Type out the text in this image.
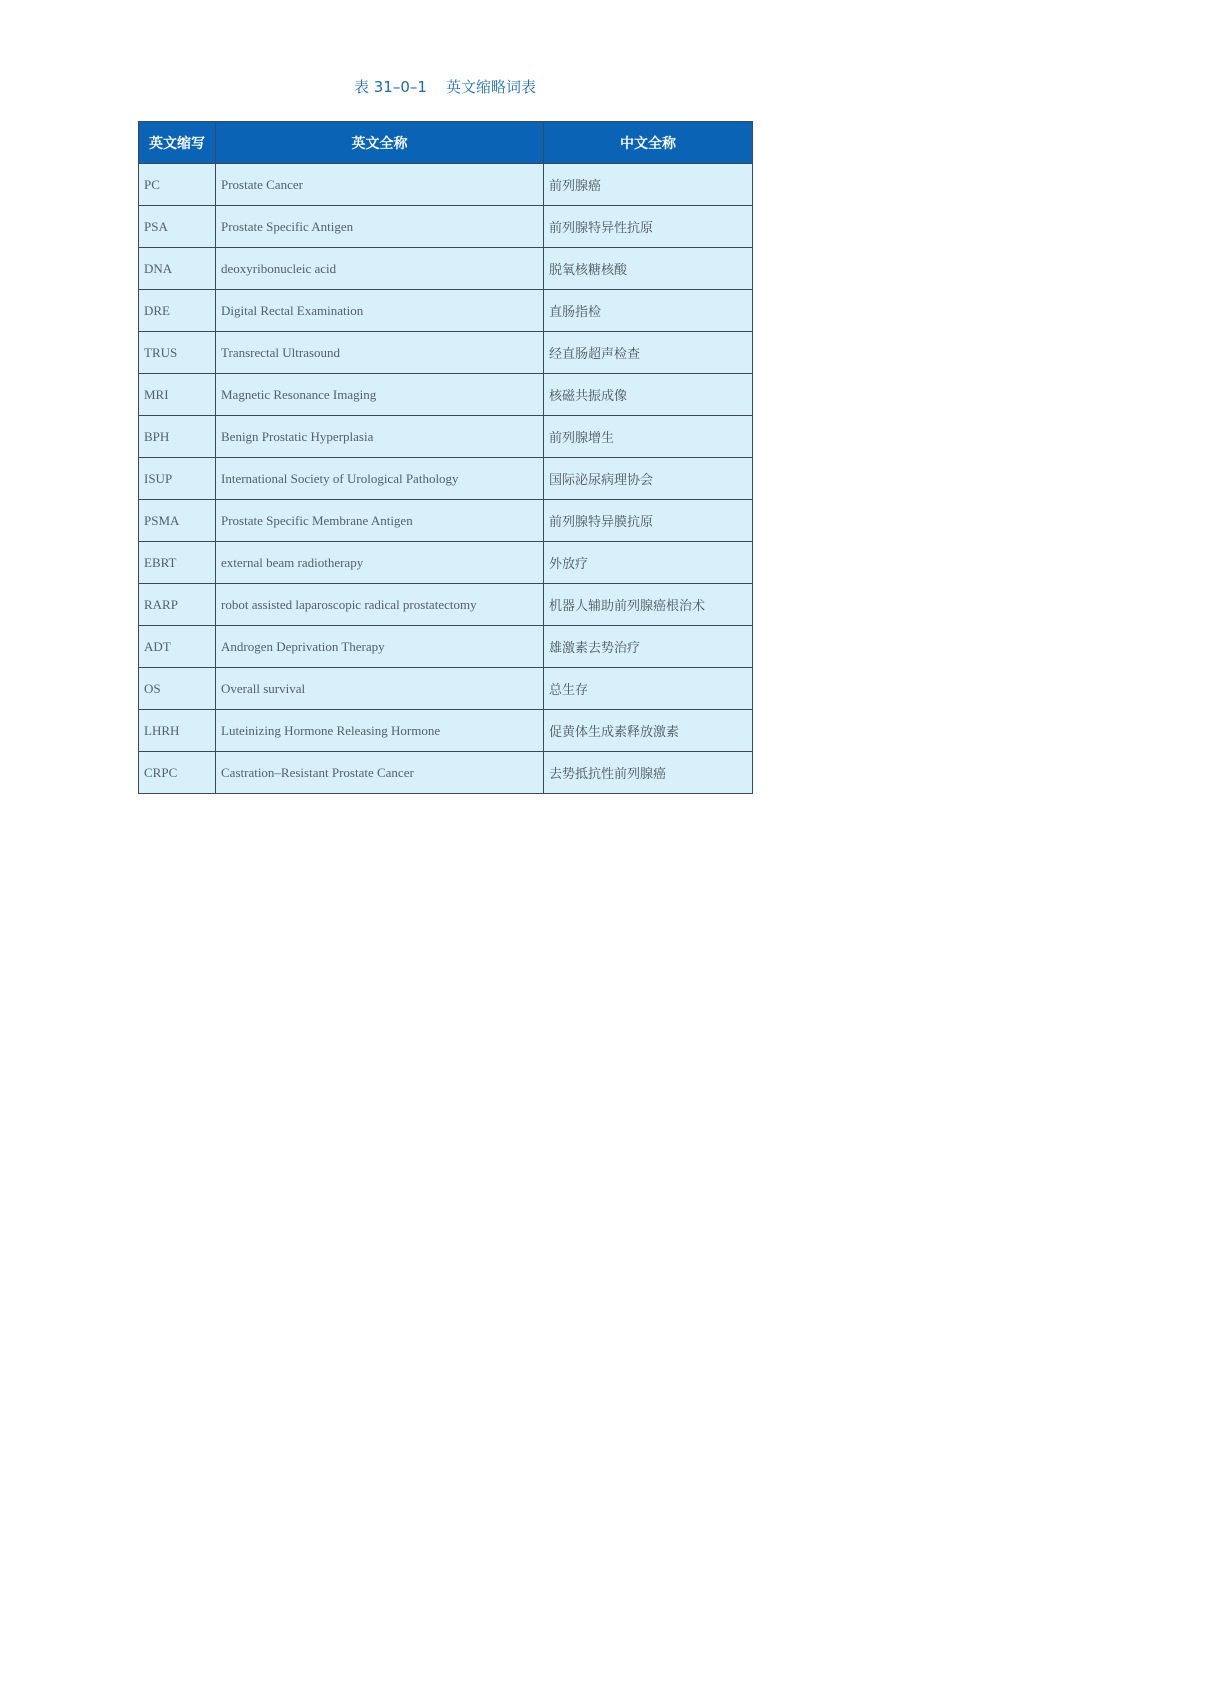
表 31–0–1    英文缩略词表
英文缩写	英文全称	中文全称
PC	Prostate Cancer	前列腺癌
PSA	Prostate Specific Antigen	前列腺特异性抗原
DNA	deoxyribonucleic acid	脱氧核糖核酸
DRE	Digital Rectal Examination	直肠指检
TRUS	Transrectal Ultrasound	经直肠超声检查
MRI	Magnetic Resonance Imaging	核磁共振成像
BPH	Benign Prostatic Hyperplasia	前列腺增生
ISUP	International Society of Urological Pathology	国际泌尿病理协会
PSMA	Prostate Specific Membrane Antigen	前列腺特异膜抗原
EBRT	external beam radiotherapy	外放疗
RARP	robot assisted laparoscopic radical prostatectomy	机器人辅助前列腺癌根治术
ADT	Androgen Deprivation Therapy	雄激素去势治疗
OS	Overall survival	总生存
LHRH	Luteinizing Hormone Releasing Hormone	促黄体生成素释放激素
CRPC	Castration–Resistant Prostate Cancer	去势抵抗性前列腺癌
